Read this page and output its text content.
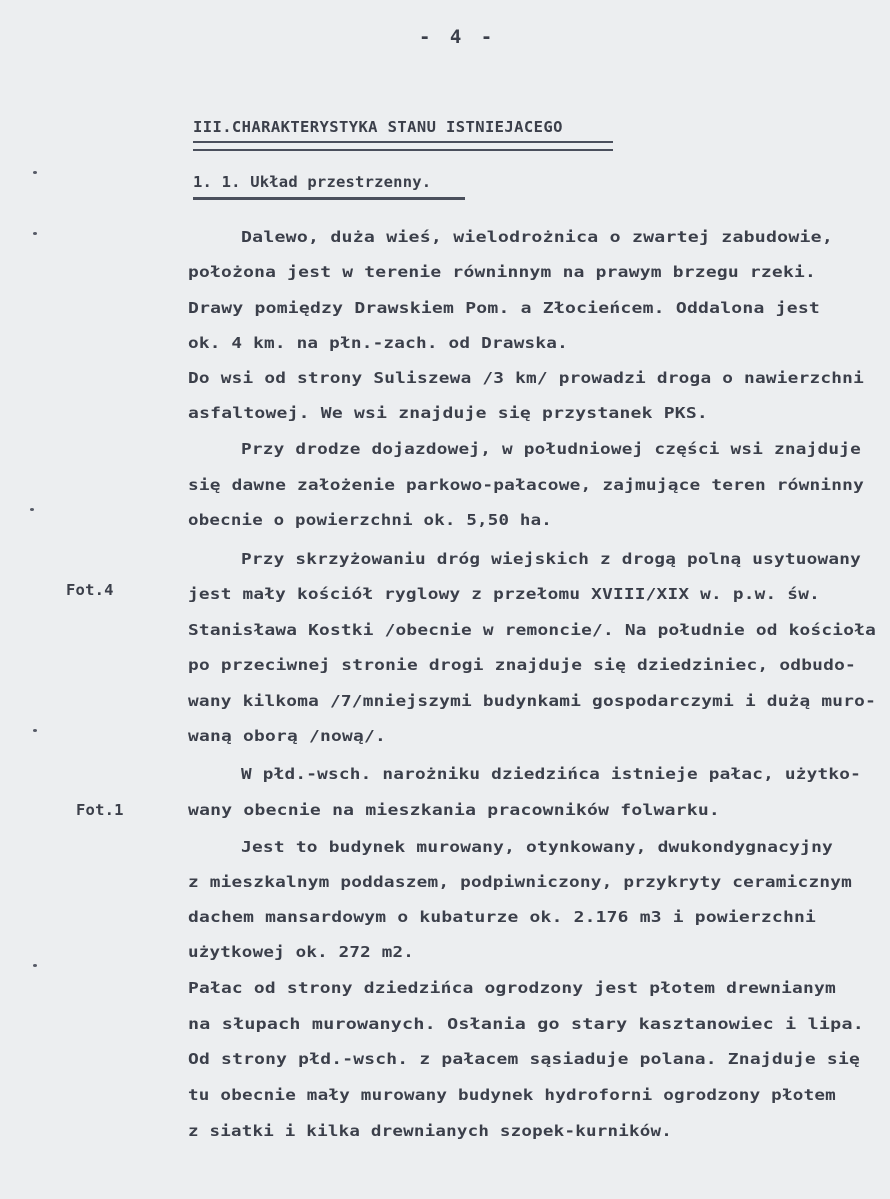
- 4 -
III.CHARAKTERYSTYKA STANU ISTNIEJACEGO
1. 1. Układ przestrzenny.
Fot.4
Fot.1
Dalewo, duża wieś, wielodrożnica o zwartej zabudowie,
położona jest w terenie równinnym na prawym brzegu rzeki.
Drawy pomiędzy Drawskiem Pom. a Złocieńcem. Oddalona jest
ok. 4 km. na płn.-zach. od Drawska.
Do wsi od strony Suliszewa /3 km/ prowadzi droga o nawierzchni
asfaltowej. We wsi znajduje się przystanek PKS.
Przy drodze dojazdowej, w południowej części wsi znajduje
się dawne założenie parkowo-pałacowe, zajmujące teren równinny
obecnie o powierzchni ok. 5,50 ha.
Przy skrzyżowaniu dróg wiejskich z drogą polną usytuowany
jest mały kościół ryglowy z przełomu XVIII/XIX w. p.w. św.
Stanisława Kostki /obecnie w remoncie/. Na południe od kościoła
po przeciwnej stronie drogi znajduje się dziedziniec, odbudo-
wany kilkoma /7/mniejszymi budynkami gospodarczymi i dużą muro-
waną oborą /nową/.
W płd.-wsch. narożniku dziedzińca istnieje pałac, użytko-
wany obecnie na mieszkania pracowników folwarku.
Jest to budynek murowany, otynkowany, dwukondygnacyjny
z mieszkalnym poddaszem, podpiwniczony, przykryty ceramicznym
dachem mansardowym o kubaturze ok. 2.176 m3 i powierzchni
użytkowej ok. 272 m2.
Pałac od strony dziedzińca ogrodzony jest płotem drewnianym
na słupach murowanych. Osłania go stary kasztanowiec i lipa.
Od strony płd.-wsch. z pałacem sąsiaduje polana. Znajduje się
tu obecnie mały murowany budynek hydroforni ogrodzony płotem
z siatki i kilka drewnianych szopek-kurników.
